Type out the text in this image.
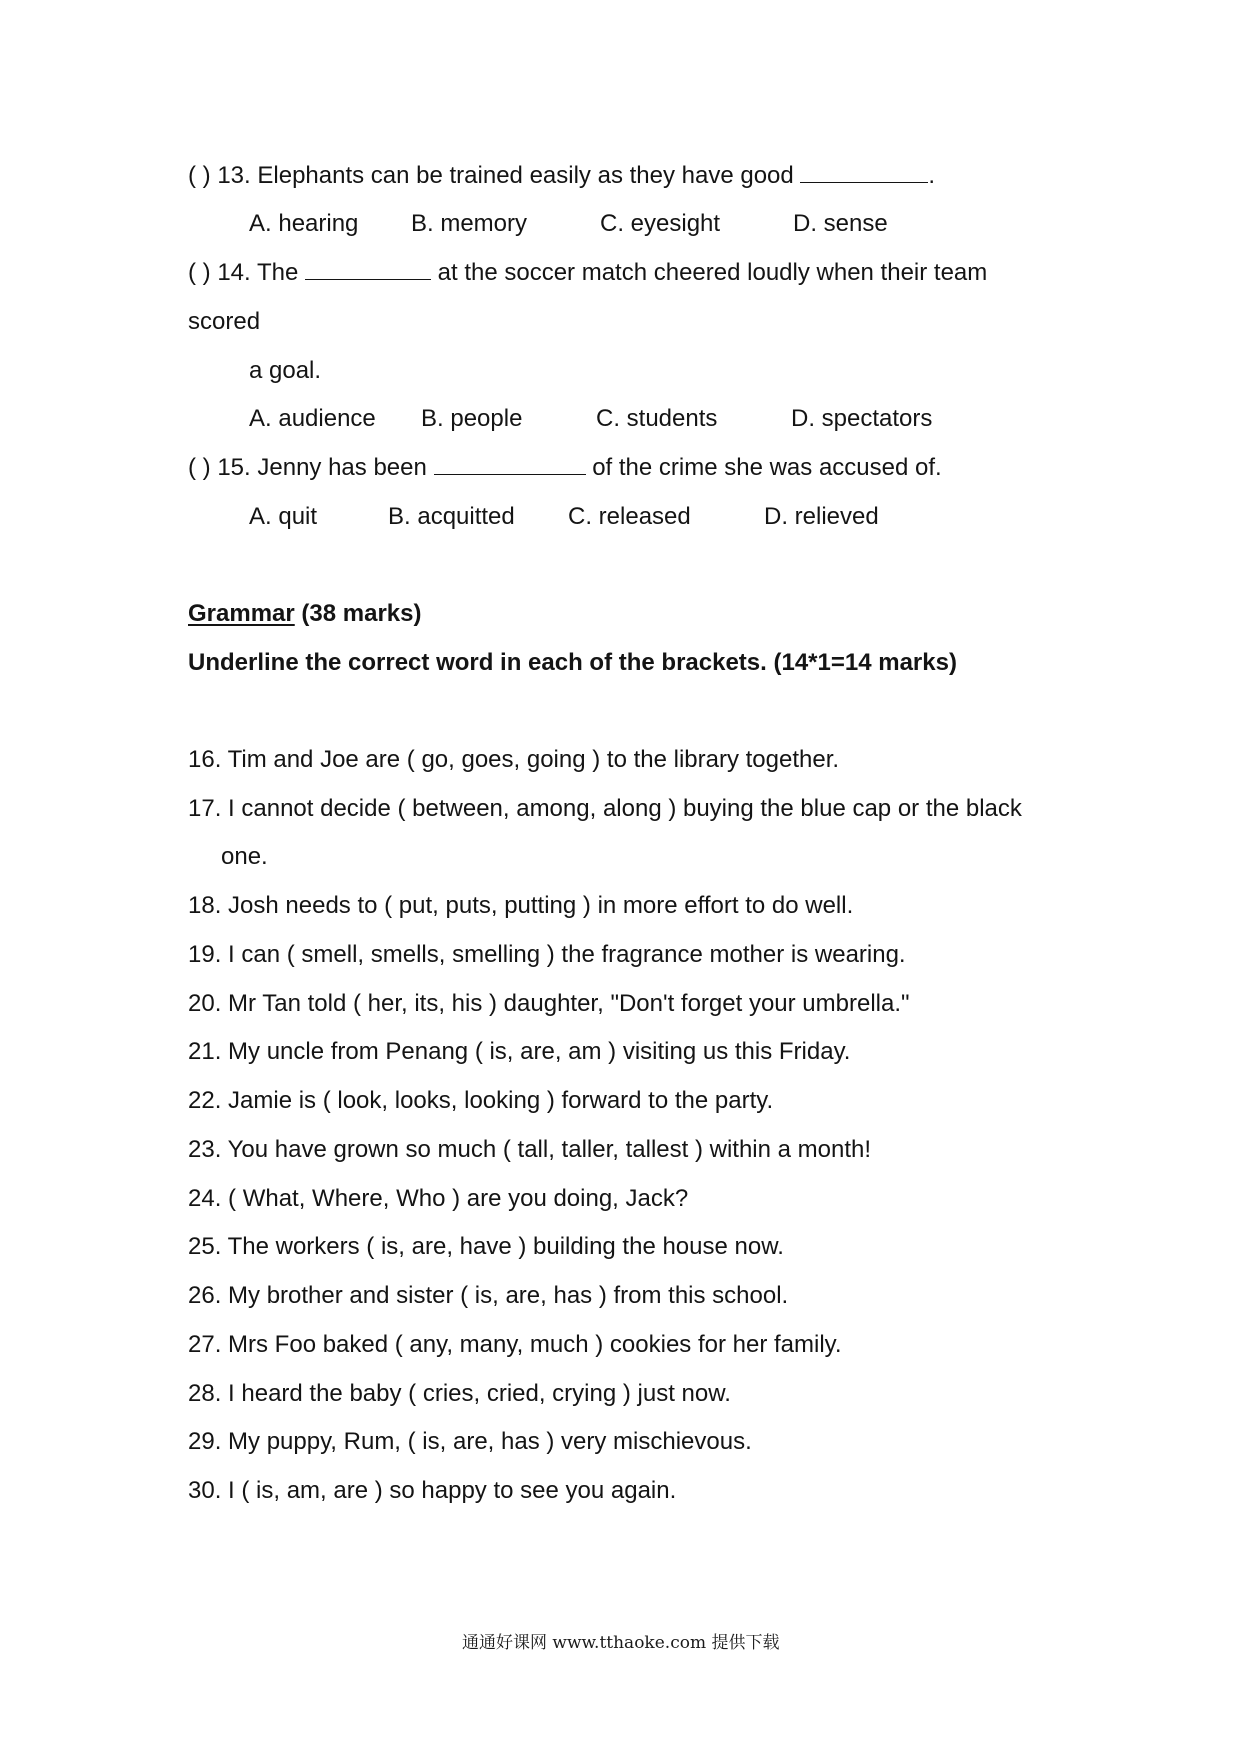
( ) 13. Elephants can be trained easily as they have good	.
A. hearing B. memory	C. eyesight	D. sense
( ) 14. The	at the soccer match cheered loudly when their team
scored
a goal.
A. audience B. people	C. students	D. spectators
( ) 15. Jenny has been	of the crime she was accused of.
A. quit	B. acquitted C. released	D. relieved
Grammar (38 marks)
Underline the correct word in each of the brackets. (14*1=14 marks)
16. Tim and Joe are ( go, goes, going ) to the library together.
17. I cannot decide ( between, among, along ) buying the blue cap or the black
one.
18. Josh needs to ( put, puts, putting ) in more effort to do well.
19. I can ( smell, smells, smelling ) the fragrance mother is wearing.
20. Mr Tan told ( her, its, his ) daughter, "Don't forget your umbrella."
21. My uncle from Penang ( is, are, am ) visiting us this Friday.
22. Jamie is ( look, looks, looking ) forward to the party.
23. You have grown so much ( tall, taller, tallest ) within a month!
24. ( What, Where, Who ) are you doing, Jack?
25. The workers ( is, are, have ) building the house now.
26. My brother and sister ( is, are, has ) from this school.
27. Mrs Foo baked ( any, many, much ) cookies for her family.
28. I heard the baby ( cries, cried, crying ) just now.
29. My puppy, Rum, ( is, are, has ) very mischievous.
30. I ( is, am, are ) so happy to see you again.
通通好课网 www.tthaoke.com 提供下载
